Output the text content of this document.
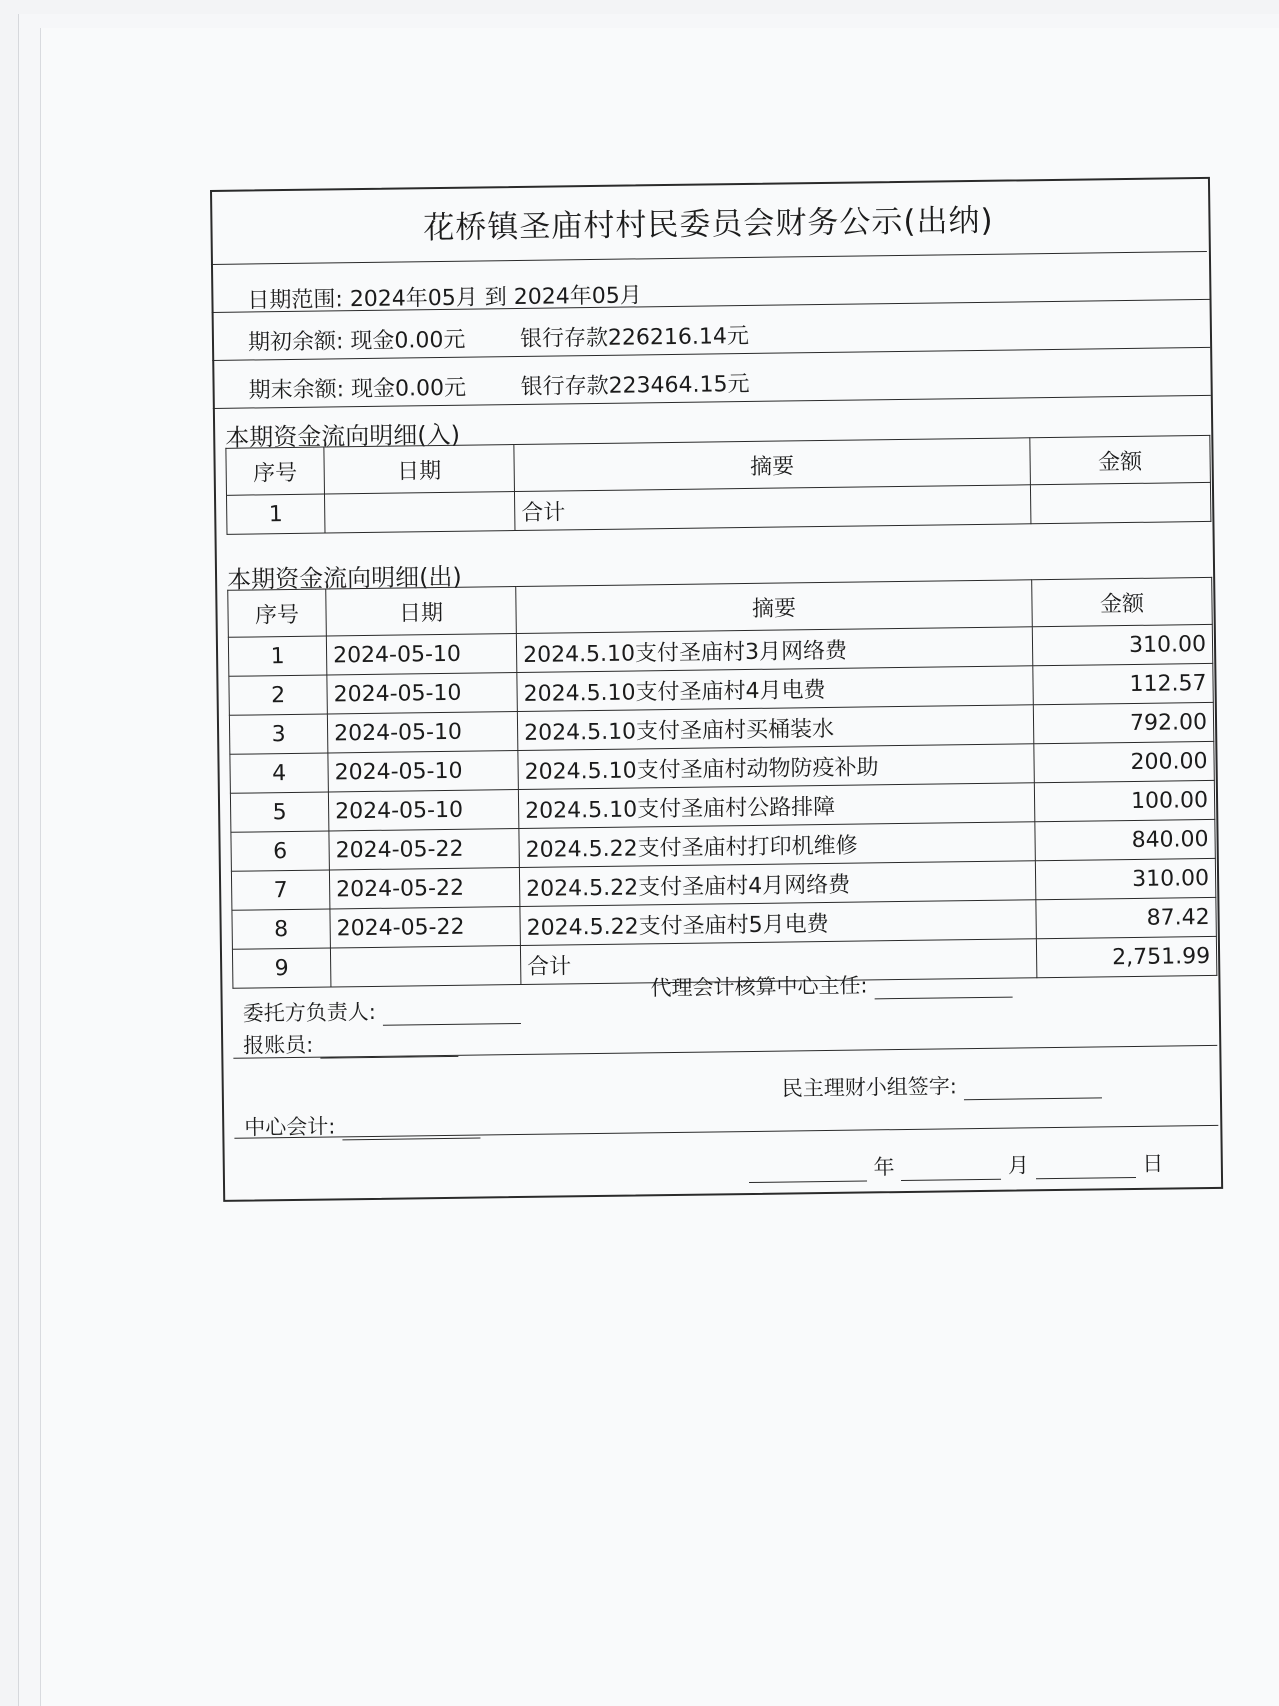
花桥镇圣庙村村民委员会财务公示(出纳)
日期范围: 2024年05月 到 2024年05月
期初余额: 现金0.00元 银行存款226216.14元
期末余额: 现金0.00元 银行存款223464.15元
本期资金流向明细(入)
序号	日期	摘要	金额
1		合计	
本期资金流向明细(出)
序号	日期	摘要	金额
1	2024-05-10	2024.5.10支付圣庙村3月网络费	310.00
2	2024-05-10	2024.5.10支付圣庙村4月电费	112.57
3	2024-05-10	2024.5.10支付圣庙村买桶装水	792.00
4	2024-05-10	2024.5.10支付圣庙村动物防疫补助	200.00
5	2024-05-10	2024.5.10支付圣庙村公路排障	100.00
6	2024-05-22	2024.5.22支付圣庙村打印机维修	840.00
7	2024-05-22	2024.5.22支付圣庙村4月网络费	310.00
8	2024-05-22	2024.5.22支付圣庙村5月电费	87.42
9		合计	2,751.99
委托方负责人:
代理会计核算中心主任:
报账员:
民主理财小组签字:
中心会计:
年	月	日
